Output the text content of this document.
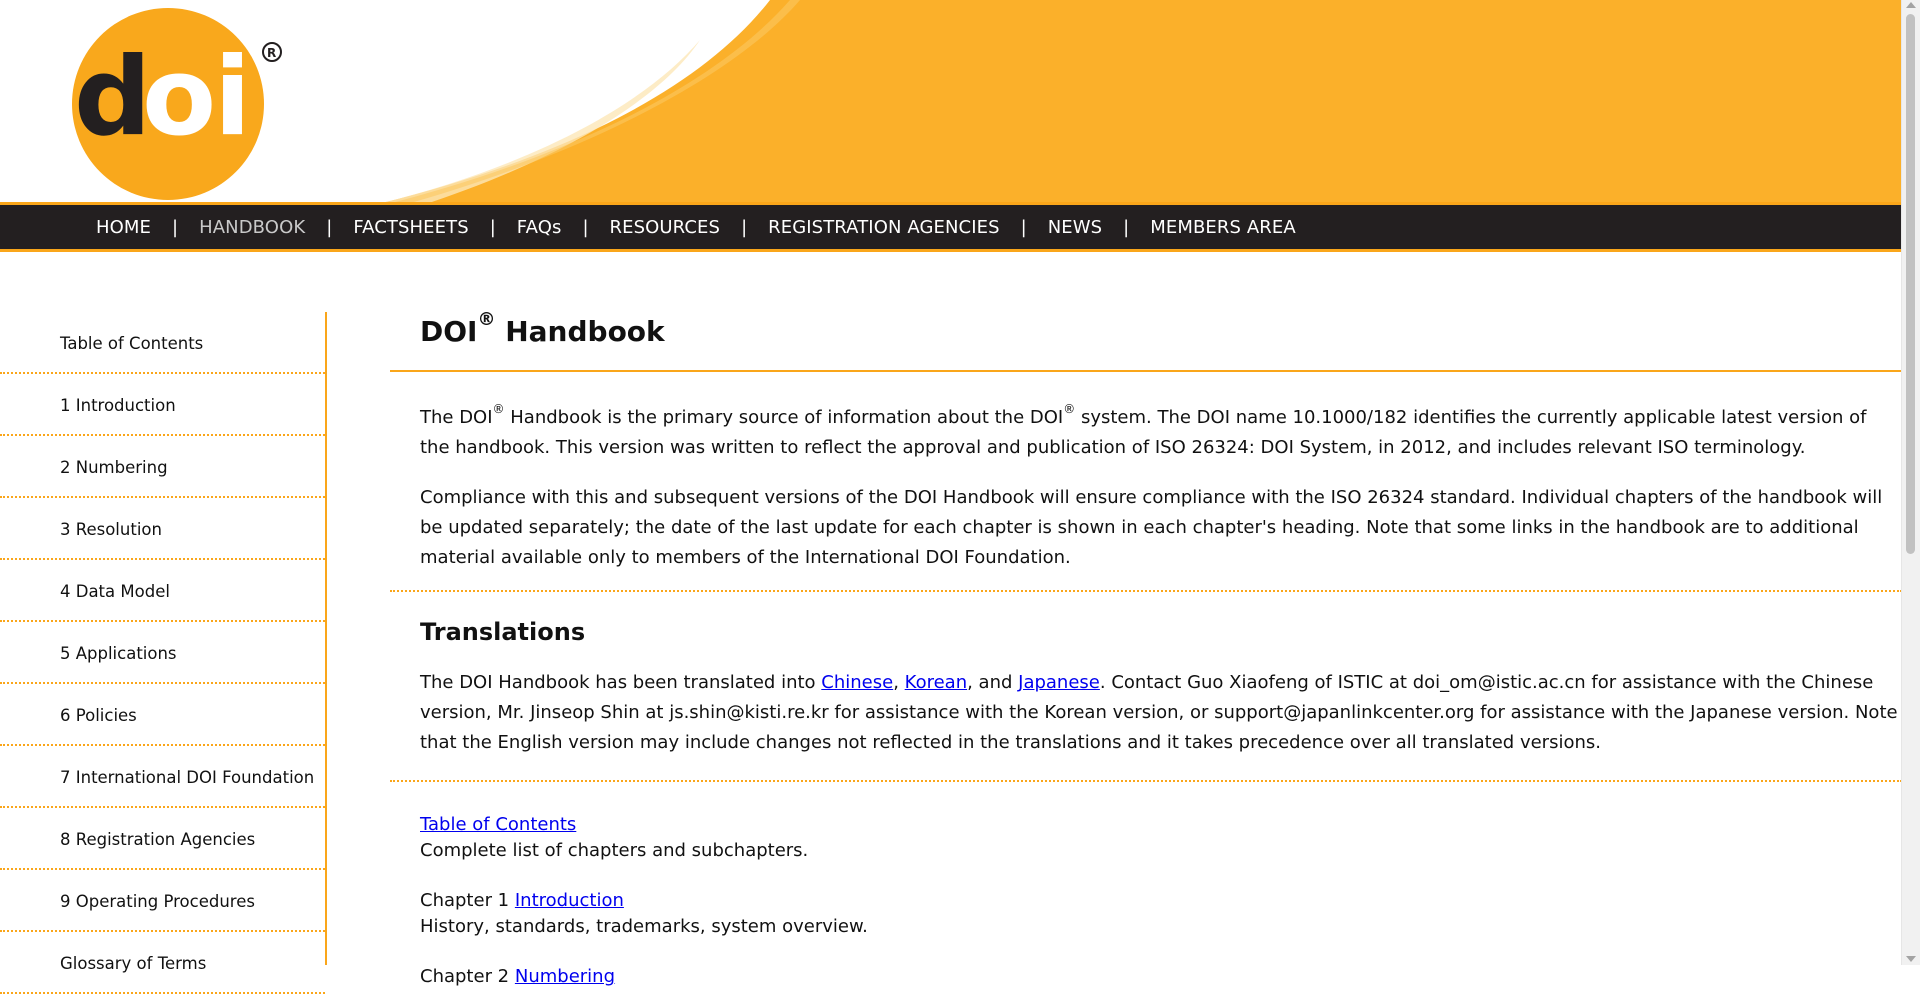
d
o i R
HOME	|	HANDBOOK	|	FACTSHEETS	|	FAQs	|	RESOURCES	|	REGISTRATION AGENCIES	|	NEWS	|	MEMBERS AREA
Table of Contents
1 Introduction
2 Numbering
3 Resolution
4 Data Model
5 Applications
6 Policies
7 International DOI Foundation
8 Registration Agencies
9 Operating Procedures
Glossary of Terms
DOI® Handbook

The DOI® Handbook is the primary source of information about the DOI® system. The DOI name 10.1000/182 identifies the currently applicable latest version of the handbook. This version was written to reflect the approval and publication of ISO 26324: DOI System, in 2012, and includes relevant ISO terminology.

Compliance with this and subsequent versions of the DOI Handbook will ensure compliance with the ISO 26324 standard. Individual chapters of the handbook will be updated separately; the date of the last update for each chapter is shown in each chapter's heading. Note that some links in the handbook are to additional material available only to members of the International DOI Foundation.

Translations

The DOI Handbook has been translated into Chinese, Korean, and Japanese. Contact Guo Xiaofeng of ISTIC at doi_om@istic.ac.cn for assistance with the Chinese version, Mr. Jinseop Shin at js.shin@kisti.re.kr for assistance with the Korean version, or support@japanlinkcenter.org for assistance with the Japanese version. Note that the English version may include changes not reflected in the translations and it takes precedence over all translated versions.

Table of Contents
Complete list of chapters and subchapters.
Chapter 1 Introduction
History, standards, trademarks, system overview.
Chapter 2 Numbering
